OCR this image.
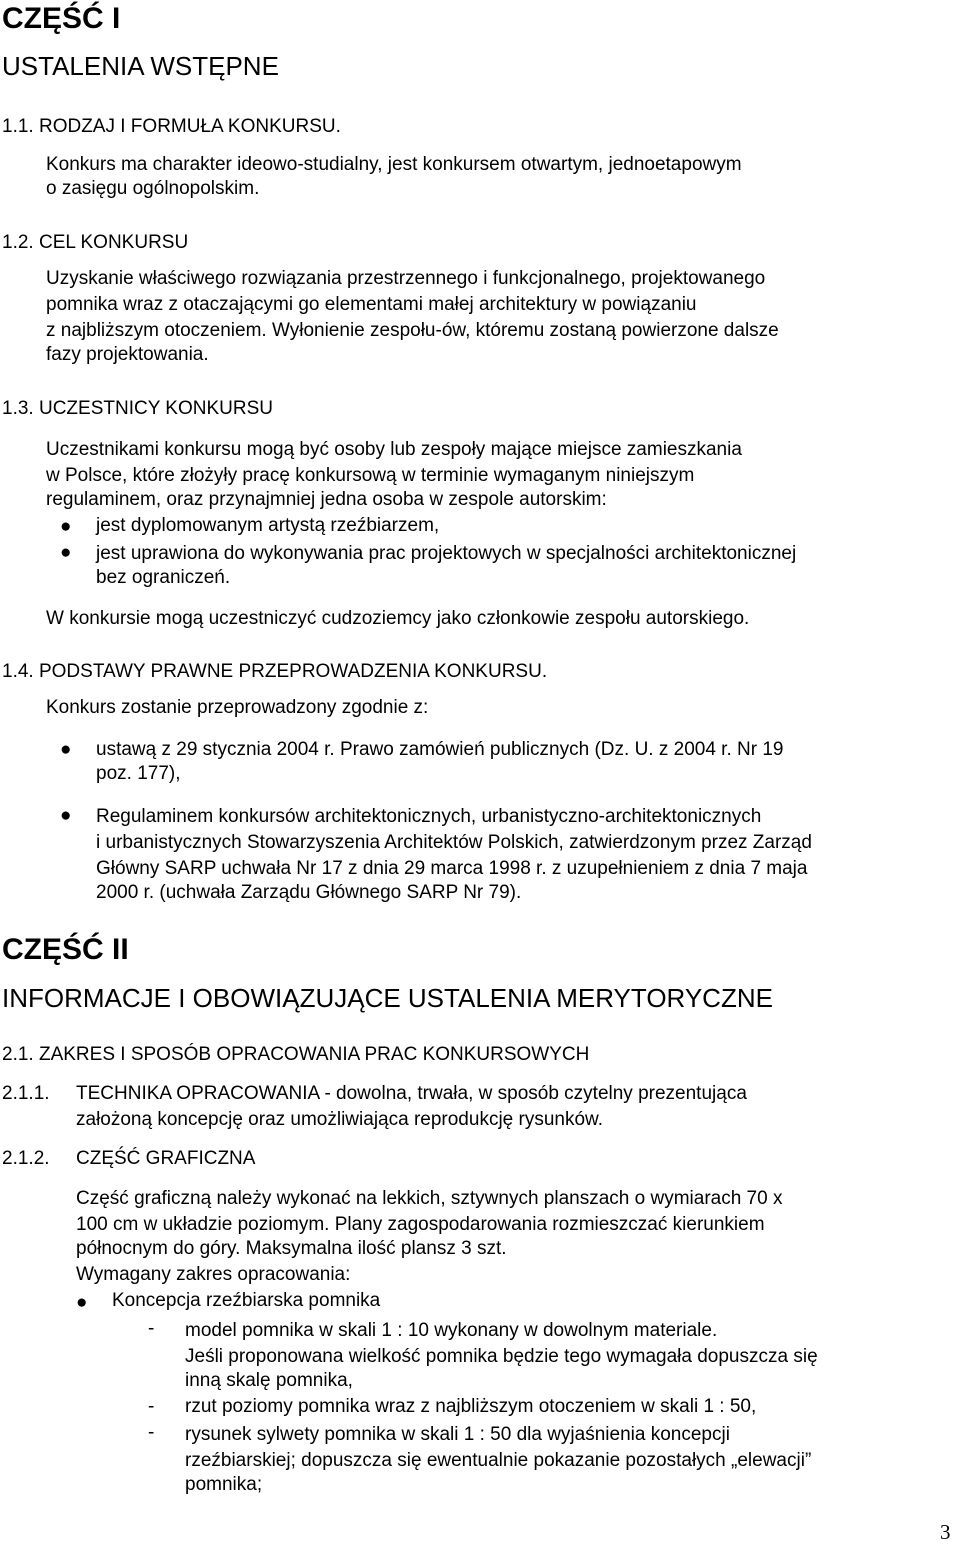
CZĘŚĆ I
USTALENIA WSTĘPNE
1.1. RODZAJ I FORMUŁA KONKURSU.
Konkurs ma charakter ideowo-studialny, jest konkursem otwartym, jednoetapowym
o zasięgu ogólnopolskim.
1.2. CEL KONKURSU
Uzyskanie właściwego rozwiązania przestrzennego i funkcjonalnego, projektowanego
pomnika wraz z otaczającymi go elementami małej architektury w powiązaniu
z najbliższym otoczeniem. Wyłonienie zespołu-ów, któremu zostaną powierzone dalsze
fazy projektowania.
1.3. UCZESTNICY KONKURSU
Uczestnikami konkursu mogą być osoby lub zespoły mające miejsce zamieszkania
w Polsce, które złożyły pracę konkursową w terminie wymaganym niniejszym
regulaminem, oraz przynajmniej jedna osoba w zespole autorskim:
● jest dyplomowanym artystą rzeźbiarzem,
● jest uprawiona do wykonywania prac projektowych w specjalności architektonicznej
bez ograniczeń.
W konkursie mogą uczestniczyć cudzoziemcy jako członkowie zespołu autorskiego.
1.4. PODSTAWY PRAWNE PRZEPROWADZENIA KONKURSU.
Konkurs zostanie przeprowadzony zgodnie z:
● ustawą z 29 stycznia 2004 r. Prawo zamówień publicznych (Dz. U. z 2004 r. Nr 19
poz. 177),
● Regulaminem konkursów architektonicznych, urbanistyczno-architektonicznych
i urbanistycznych Stowarzyszenia Architektów Polskich, zatwierdzonym przez Zarząd
Główny SARP uchwała Nr 17 z dnia 29 marca 1998 r. z uzupełnieniem z dnia 7 maja
2000 r. (uchwała Zarządu Głównego SARP Nr 79).
CZĘŚĆ II
INFORMACJE I OBOWIĄZUJĄCE USTALENIA MERYTORYCZNE
2.1. ZAKRES I SPOSÓB OPRACOWANIA PRAC KONKURSOWYCH
2.1.1. TECHNIKA OPRACOWANIA - dowolna, trwała, w sposób czytelny prezentująca
założoną koncepcję oraz umożliwiająca reprodukcję rysunków.
2.1.2. CZĘŚĆ GRAFICZNA
Część graficzną należy wykonać na lekkich, sztywnych planszach o wymiarach 70 x
100 cm w układzie poziomym. Plany zagospodarowania rozmieszczać kierunkiem
północnym do góry. Maksymalna ilość plansz 3 szt.
Wymagany zakres opracowania:
● Koncepcja rzeźbiarska pomnika
- model pomnika w skali 1 : 10 wykonany w dowolnym materiale.
Jeśli proponowana wielkość pomnika będzie tego wymagała dopuszcza się
inną skalę pomnika,
- rzut poziomy pomnika wraz z najbliższym otoczeniem w skali 1 : 50,
- rysunek sylwety pomnika w skali 1 : 50 dla wyjaśnienia koncepcji
rzeźbiarskiej; dopuszcza się ewentualnie pokazanie pozostałych „elewacji”
pomnika;
3
